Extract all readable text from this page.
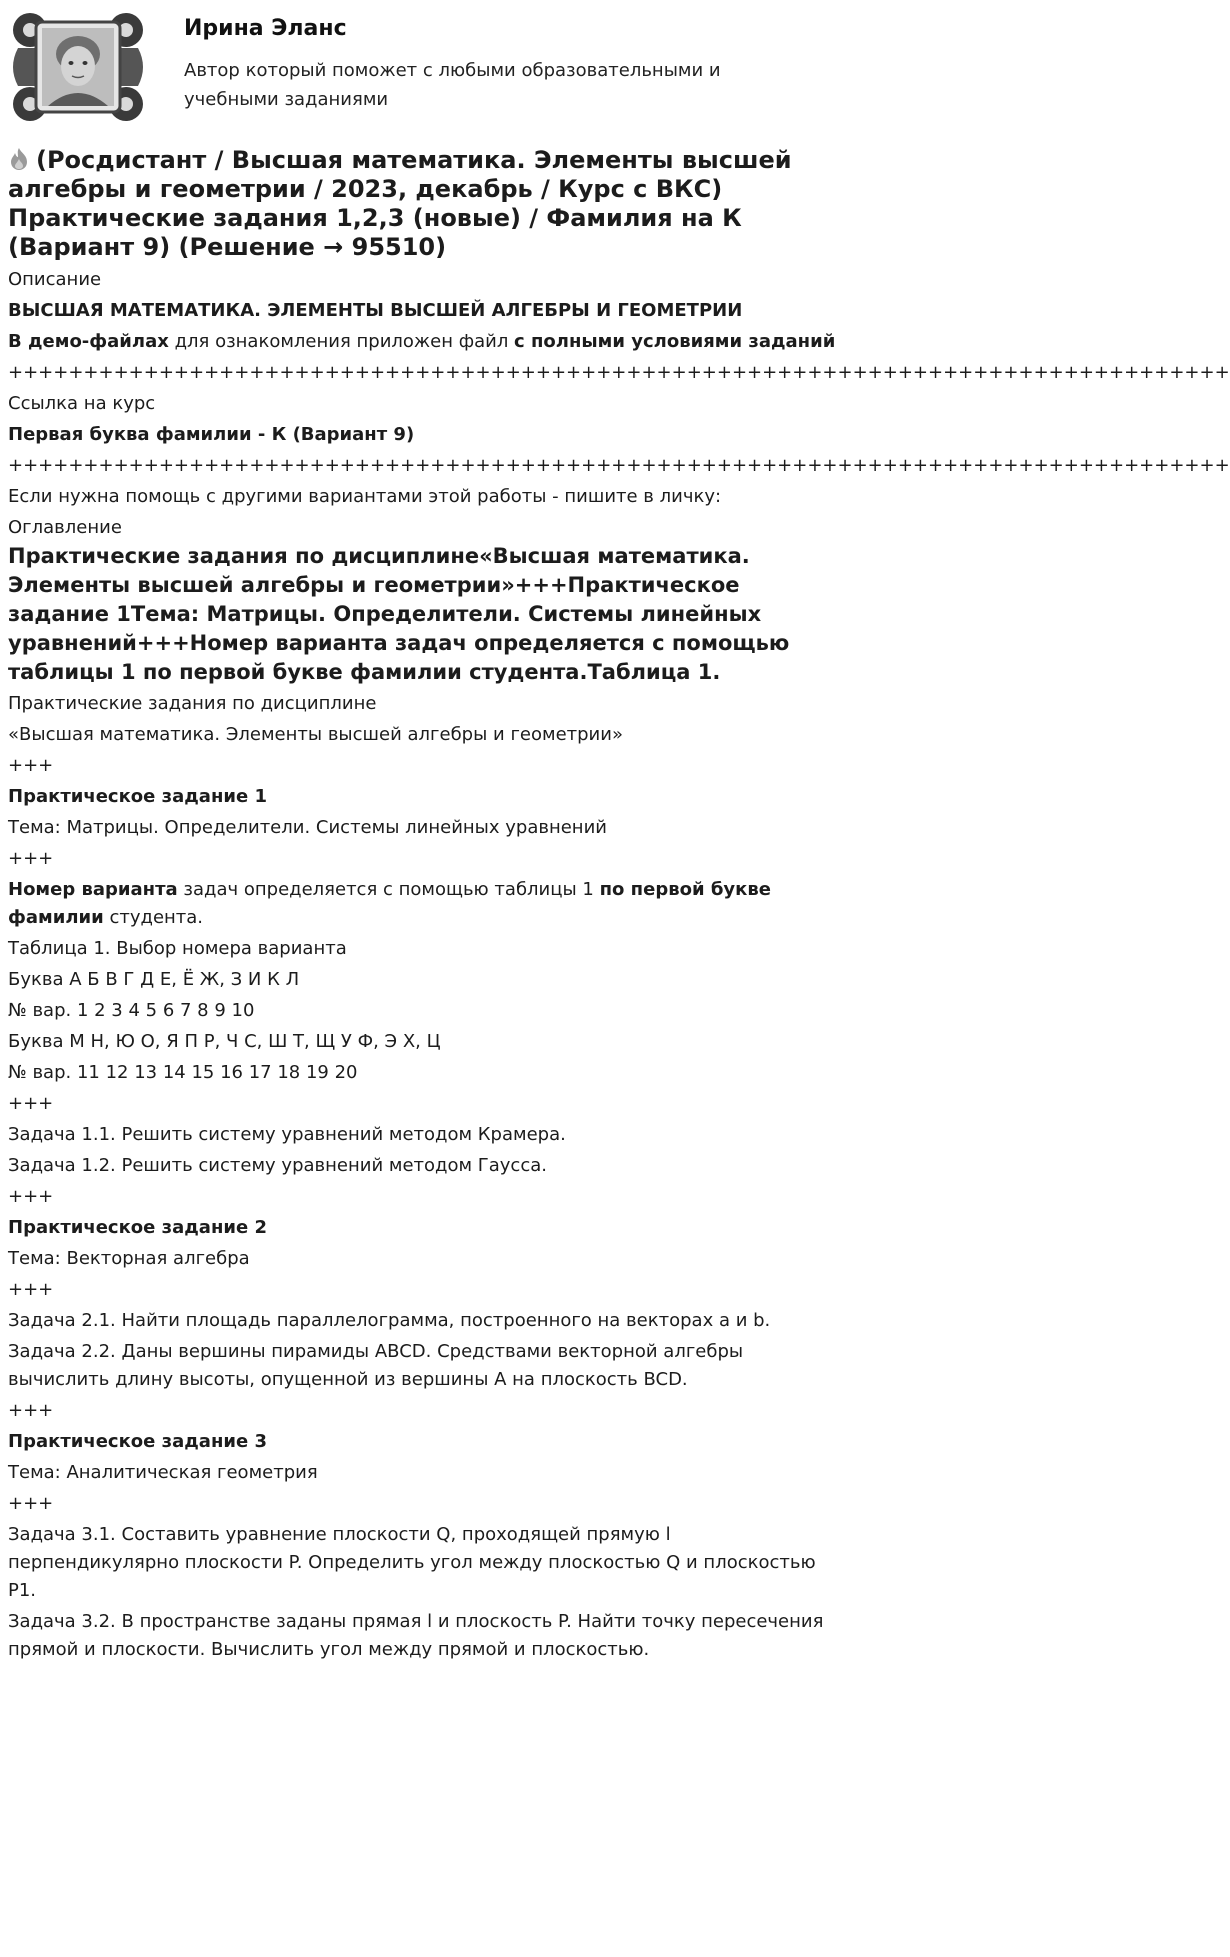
Ирина Эланс
Автор который поможет с любыми образовательными и учебными заданиями
(Росдистант / Высшая математика. Элементы высшей алгебры и геометрии / 2023, декабрь / Курс с ВКС) Практические задания 1,2,3 (новые) / Фамилия на К (Вариант 9) (Решение → 95510)

Описание

ВЫСШАЯ МАТЕМАТИКА. ЭЛЕМЕНТЫ ВЫСШЕЙ АЛГЕБРЫ И ГЕОМЕТРИИ

В демо-файлах для ознакомления приложен файл с полными условиями заданий

+++++++++++++++++++++++++++++++++++++++++++++++++++++++++++++++++++++++++++++++++

Ссылка на курс

Первая буква фамилии - К (Вариант 9)

+++++++++++++++++++++++++++++++++++++++++++++++++++++++++++++++++++++++++++++++++

Если нужна помощь с другими вариантами этой работы - пишите в личку:

Оглавление

Практические задания по дисциплине«Высшая математика. Элементы высшей алгебры и геометрии»+++Практическое задание 1Тема: Матрицы. Определители. Системы линейных уравнений+++Номер варианта задач определяется с помощью таблицы 1 по первой букве фамилии студента.Таблица 1.

Практические задания по дисциплине

«Высшая математика. Элементы высшей алгебры и геометрии»

+++

Практическое задание 1

Тема: Матрицы. Определители. Системы линейных уравнений

+++

Номер варианта задач определяется с помощью таблицы 1 по первой букве фамилии студента.

Таблица 1. Выбор номера варианта

Буква А Б В Г Д Е, Ё Ж, З И К Л

№ вар. 1 2 3 4 5 6 7 8 9 10

Буква М Н, Ю О, Я П Р, Ч С, Ш Т, Щ У Ф, Э Х, Ц

№ вар. 11 12 13 14 15 16 17 18 19 20

+++

Задача 1.1. Решить систему уравнений методом Крамера.

Задача 1.2. Решить систему уравнений методом Гаусса.

+++

Практическое задание 2

Тема: Векторная алгебра

+++

Задача 2.1. Найти площадь параллелограмма, построенного на векторах a и b.

Задача 2.2. Даны вершины пирамиды ABCD. Средствами векторной алгебры вычислить длину высоты, опущенной из вершины A на плоскость BCD.

+++

Практическое задание 3

Тема: Аналитическая геометрия

+++

Задача 3.1. Составить уравнение плоскости Q, проходящей прямую l перпендикулярно плоскости P. Определить угол между плоскостью Q и плоскостью P1.

Задача 3.2. В пространстве заданы прямая l и плоскость P. Найти точку пересечения прямой и плоскости. Вычислить угол между прямой и плоскостью.
